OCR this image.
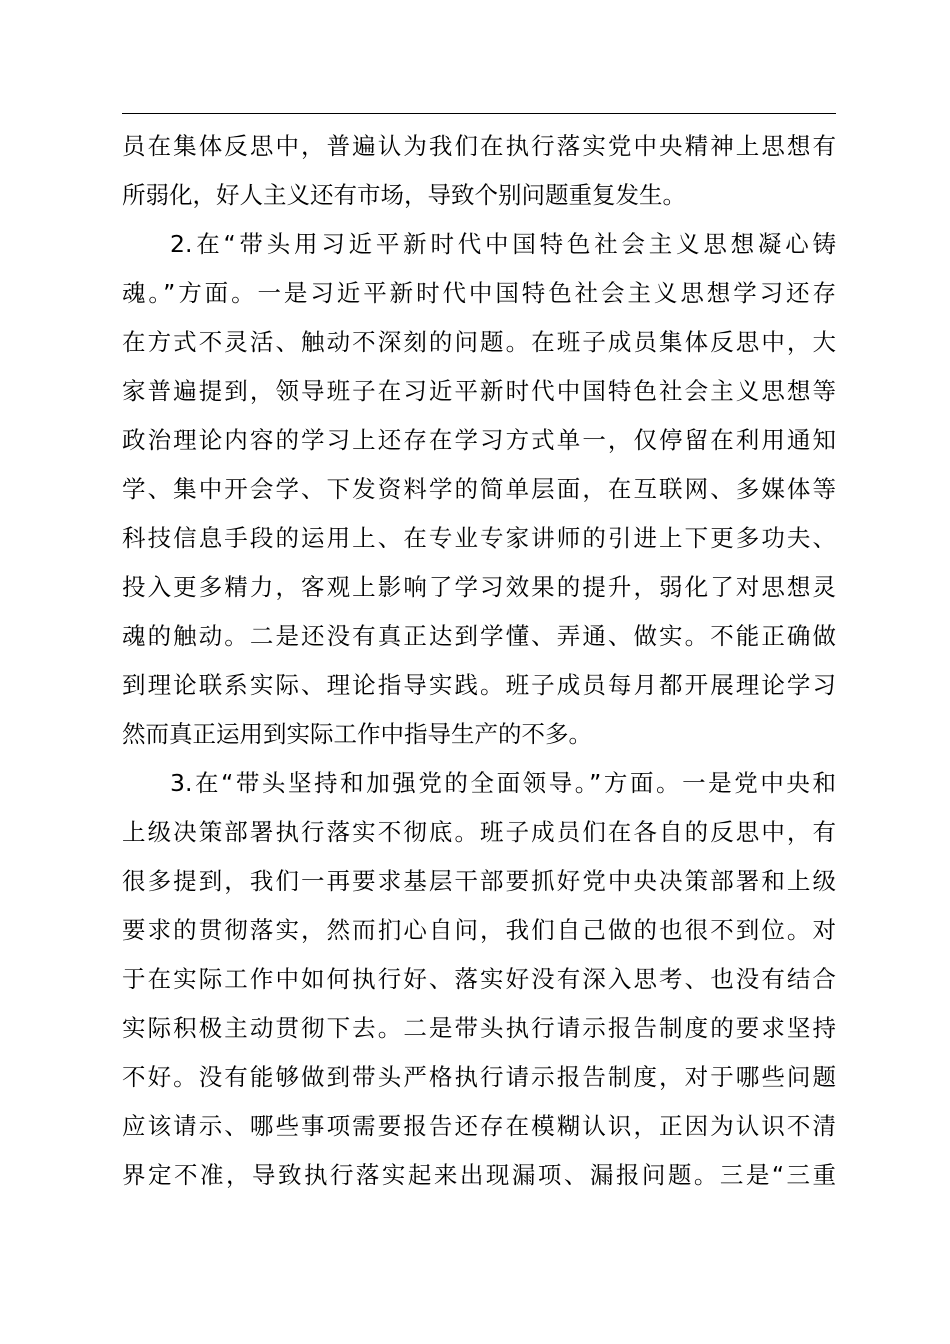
员在集体反思中，普遍认为我们在执行落实党中央精神上思想有
所弱化，好人主义还有市场，导致个别问题重复发生。
2.在“带头用习近平新时代中国特色社会主义思想凝心铸
魂。”方面。一是习近平新时代中国特色社会主义思想学习还存
在方式不灵活、触动不深刻的问题。在班子成员集体反思中，大
家普遍提到，领导班子在习近平新时代中国特色社会主义思想等
政治理论内容的学习上还存在学习方式单一，仅停留在利用通知
学、集中开会学、下发资料学的简单层面，在互联网、多媒体等
科技信息手段的运用上、在专业专家讲师的引进上下更多功夫、
投入更多精力，客观上影响了学习效果的提升，弱化了对思想灵
魂的触动。二是还没有真正达到学懂、弄通、做实。不能正确做
到理论联系实际、理论指导实践。班子成员每月都开展理论学习
然而真正运用到实际工作中指导生产的不多。
3.在“带头坚持和加强党的全面领导。”方面。一是党中央和
上级决策部署执行落实不彻底。班子成员们在各自的反思中，有
很多提到，我们一再要求基层干部要抓好党中央决策部署和上级
要求的贯彻落实，然而扪心自问，我们自己做的也很不到位。对
于在实际工作中如何执行好、落实好没有深入思考、也没有结合
实际积极主动贯彻下去。二是带头执行请示报告制度的要求坚持
不好。没有能够做到带头严格执行请示报告制度，对于哪些问题
应该请示、哪些事项需要报告还存在模糊认识，正因为认识不清
界定不准，导致执行落实起来出现漏项、漏报问题。三是“三重
